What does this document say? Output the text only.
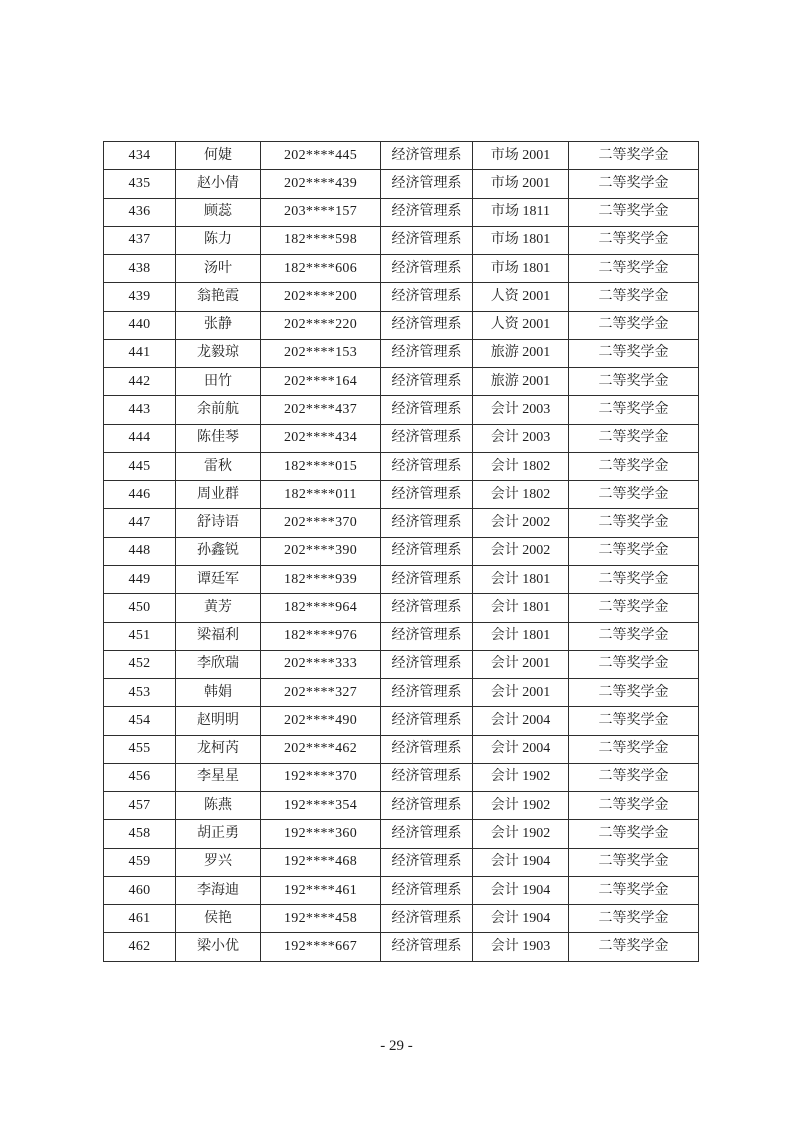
434	何婕	202****445	经济管理系	市场 2001	二等奖学金
435	赵小倩	202****439	经济管理系	市场 2001	二等奖学金
436	顾蕊	203****157	经济管理系	市场 1811	二等奖学金
437	陈力	182****598	经济管理系	市场 1801	二等奖学金
438	汤叶	182****606	经济管理系	市场 1801	二等奖学金
439	翁艳霞	202****200	经济管理系	人资 2001	二等奖学金
440	张静	202****220	经济管理系	人资 2001	二等奖学金
441	龙毅琼	202****153	经济管理系	旅游 2001	二等奖学金
442	田竹	202****164	经济管理系	旅游 2001	二等奖学金
443	余前航	202****437	经济管理系	会计 2003	二等奖学金
444	陈佳琴	202****434	经济管理系	会计 2003	二等奖学金
445	雷秋	182****015	经济管理系	会计 1802	二等奖学金
446	周业群	182****011	经济管理系	会计 1802	二等奖学金
447	舒诗语	202****370	经济管理系	会计 2002	二等奖学金
448	孙鑫锐	202****390	经济管理系	会计 2002	二等奖学金
449	谭廷军	182****939	经济管理系	会计 1801	二等奖学金
450	黄芳	182****964	经济管理系	会计 1801	二等奖学金
451	梁福利	182****976	经济管理系	会计 1801	二等奖学金
452	李欣瑞	202****333	经济管理系	会计 2001	二等奖学金
453	韩娟	202****327	经济管理系	会计 2001	二等奖学金
454	赵明明	202****490	经济管理系	会计 2004	二等奖学金
455	龙柯芮	202****462	经济管理系	会计 2004	二等奖学金
456	李星星	192****370	经济管理系	会计 1902	二等奖学金
457	陈燕	192****354	经济管理系	会计 1902	二等奖学金
458	胡正勇	192****360	经济管理系	会计 1902	二等奖学金
459	罗兴	192****468	经济管理系	会计 1904	二等奖学金
460	李海迪	192****461	经济管理系	会计 1904	二等奖学金
461	侯艳	192****458	经济管理系	会计 1904	二等奖学金
462	梁小优	192****667	经济管理系	会计 1903	二等奖学金
- 29 -
